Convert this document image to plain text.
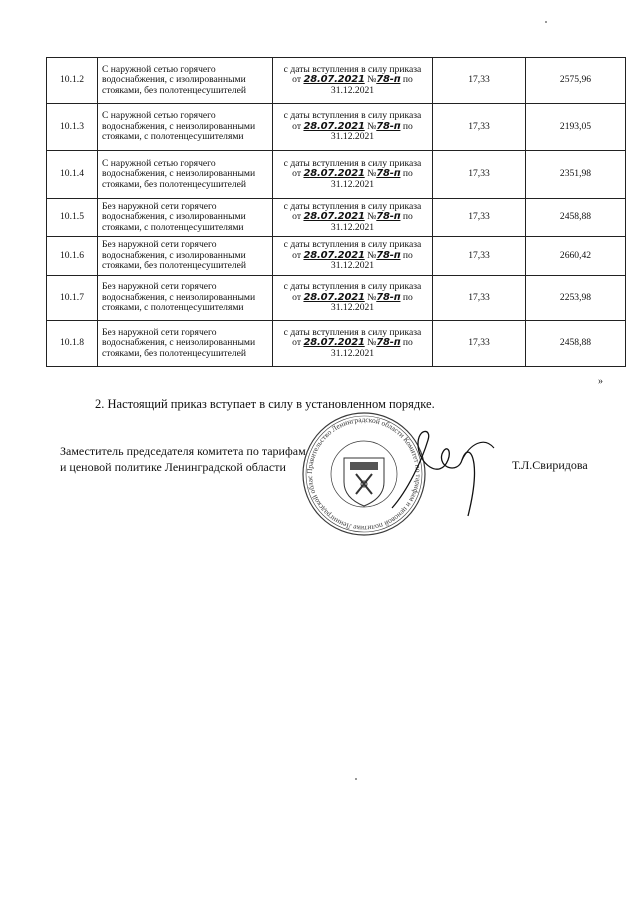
10.1.2	С наружной сетью горячего водоснабжения, с изолированными стояками, без полотенцесушителей	с даты вступления в силу приказа
от 28.07.2021 №78-п по
31.12.2021	17,33	2575,96
10.1.3	С наружной сетью горячего водоснабжения, с неизолированными стояками, с полотенцесушителями	с даты вступления в силу приказа
от 28.07.2021 №78-п по
31.12.2021	17,33	2193,05
10.1.4	С наружной сетью горячего водоснабжения, с неизолированными стояками, без полотенцесушителей	с даты вступления в силу приказа
от 28.07.2021 №78-п по
31.12.2021	17,33	2351,98
10.1.5	Без наружной сети горячего водоснабжения, с изолированными стояками, с полотенцесушителями	с даты вступления в силу приказа
от 28.07.2021 №78-п по
31.12.2021	17,33	2458,88
10.1.6	Без наружной сети горячего водоснабжения, с изолированными стояками, без полотенцесушителей	с даты вступления в силу приказа
от 28.07.2021 №78-п по
31.12.2021	17,33	2660,42
10.1.7	Без наружной сети горячего водоснабжения, с неизолированными стояками, с полотенцесушителями	с даты вступления в силу приказа
от 28.07.2021 №78-п по
31.12.2021	17,33	2253,98
10.1.8	Без наружной сети горячего водоснабжения, с неизолированными стояками, без полотенцесушителей	с даты вступления в силу приказа
от 28.07.2021 №78-п по
31.12.2021	17,33	2458,88
»
2. Настоящий приказ вступает в силу в установленном порядке.
Заместитель председателя комитета по тарифам
и ценовой политике Ленинградской области	Правительство Ленинградской области Комитет по тарифам и ценовой политике Ленинградской облас
Т.Л.Свиридова
